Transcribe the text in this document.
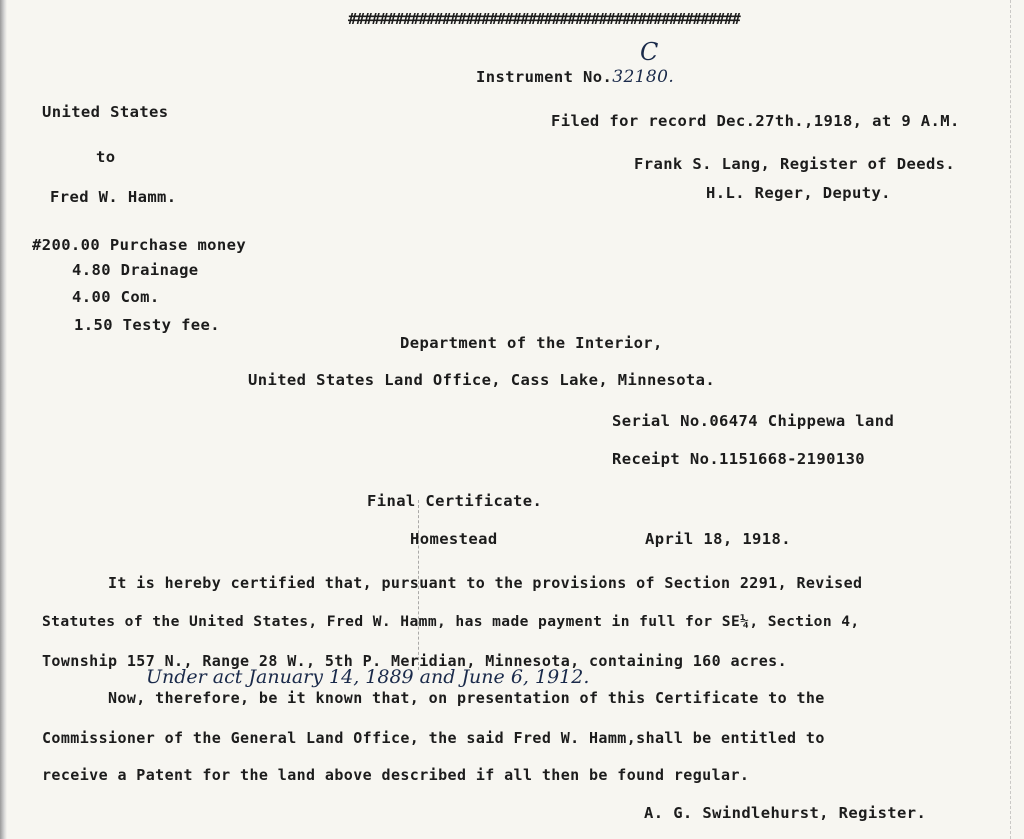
##################################################
C
Instrument No.32180.
United States	Filed for record Dec.27th.,1918, at 9 A.M.
to	Frank S. Lang, Register of Deeds.
Fred W. Hamm.	H.L. Reger, Deputy.
#200.00 Purchase money
4.80 Drainage
4.00 Com.
1.50 Testy fee.
Department of the Interior,
United States Land Office, Cass Lake, Minnesota.
Serial No.06474 Chippewa land
Receipt No.1151668-2190130
Final Certificate.
Homestead	April 18, 1918.
It is hereby certified that, pursuant to the provisions of Section 2291, Revised
Statutes of the United States, Fred W. Hamm, has made payment in full for SE¼, Section 4,
Township 157 N., Range 28 W., 5th P. Meridian, Minnesota, containing 160 acres.
Under act January 14, 1889 and June 6, 1912.
Now, therefore, be it known that, on presentation of this Certificate to the
Commissioner of the General Land Office, the said Fred W. Hamm,shall be entitled to
receive a Patent for the land above described if all then be found regular.
A. G. Swindlehurst, Register.
